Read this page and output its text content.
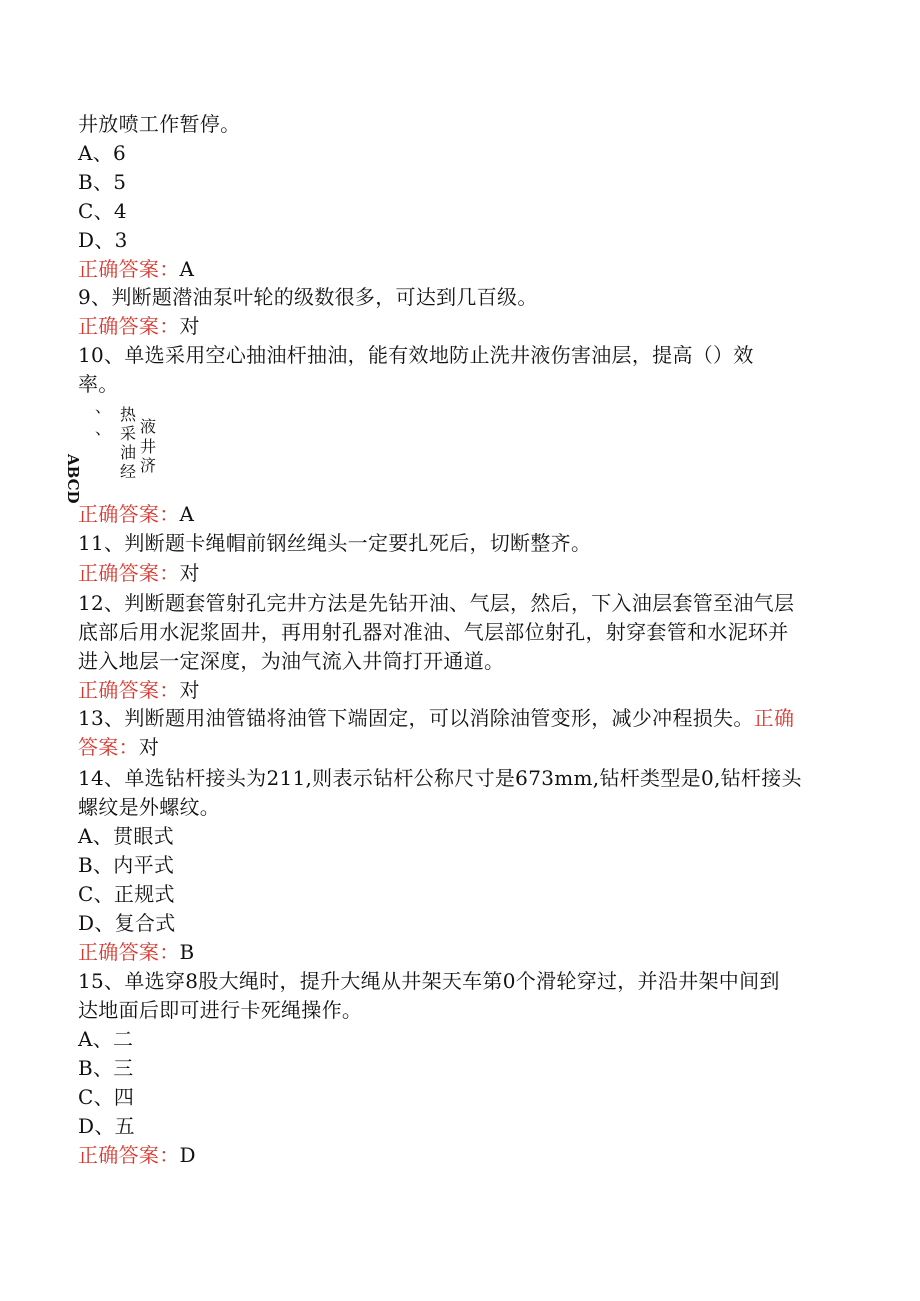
井放喷工作暂停。
A、6
B、5
C、4
D、3
正确答案：A
9、判断题潜油泵叶轮的级数很多，可达到几百级。
正确答案：对
10、单选采用空心抽油杆抽油，能有效地防止洗井液伤害油层，提高（）效
率。
、
、
热
液
采
井
油
济
经
ABCD
正确答案：A
11、判断题卡绳帽前钢丝绳头一定要扎死后，切断整齐。
正确答案：对
12、判断题套管射孔完井方法是先钻开油、气层，然后，下入油层套管至油气层
底部后用水泥浆固井，再用射孔器对准油、气层部位射孔，射穿套管和水泥环并
进入地层一定深度，为油气流入井筒打开通道。
正确答案：对
13、判断题用油管锚将油管下端固定，可以消除油管变形，减少冲程损失。正确
答案：对
14、单选钻杆接头为211,则表示钻杆公称尺寸是673mm,钻杆类型是0,钻杆接头
螺纹是外螺纹。
A、贯眼式
B、内平式
C、正规式
D、复合式
正确答案：B
15、单选穿8股大绳时，提升大绳从井架天车第0个滑轮穿过，并沿井架中间到
达地面后即可进行卡死绳操作。
A、二
B、三
C、四
D、五
正确答案：D
